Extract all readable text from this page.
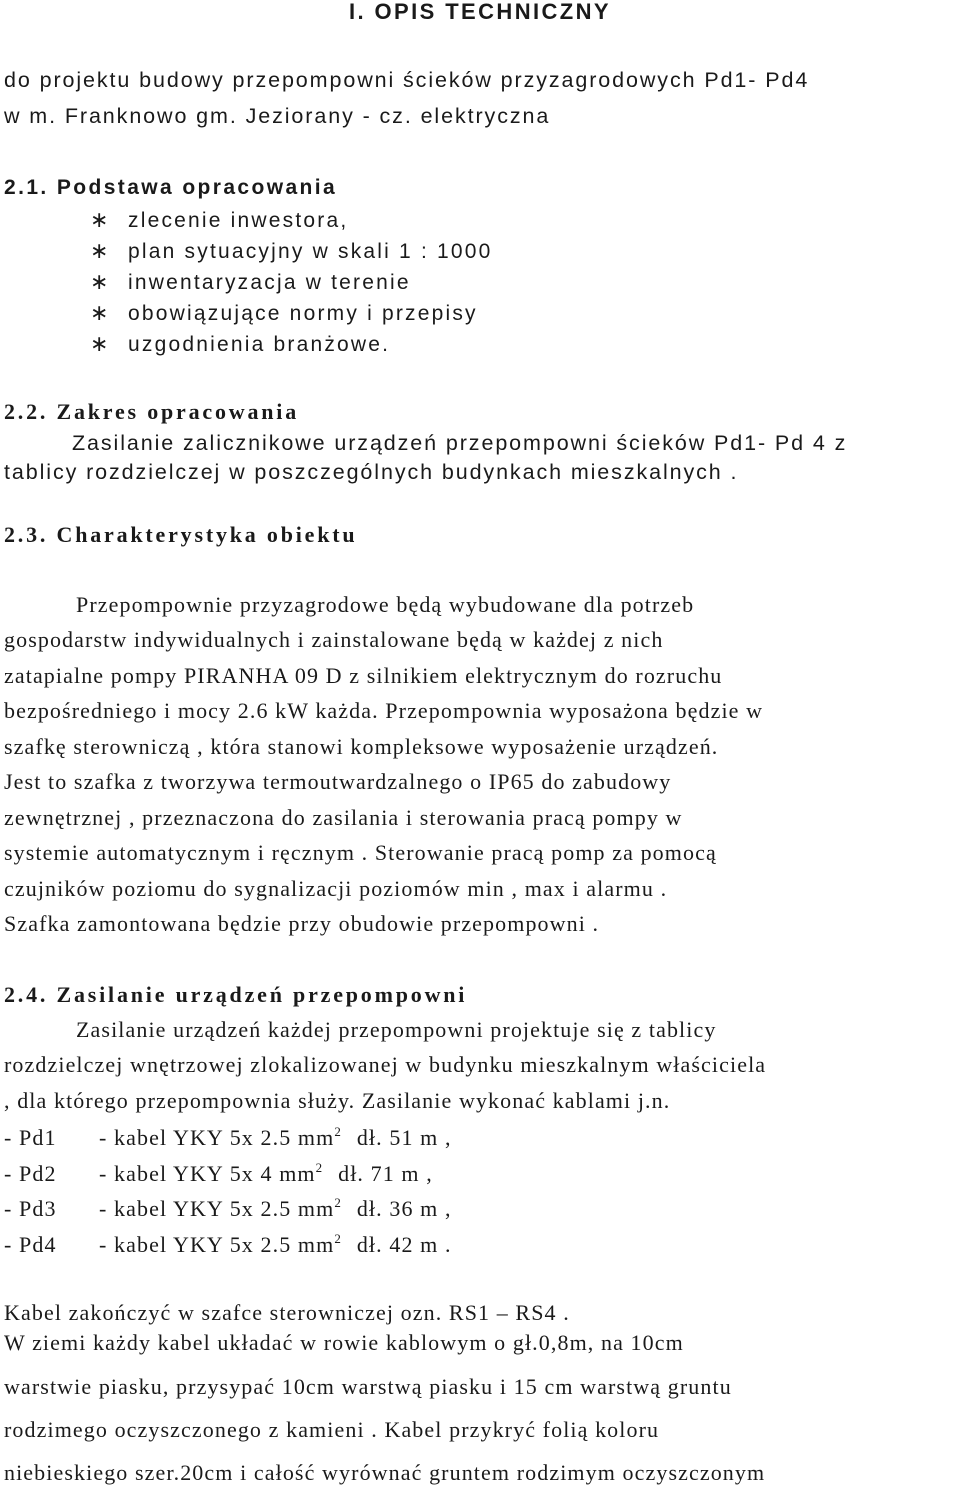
I. OPIS TECHNICZNY
do projektu budowy przepompowni ścieków przyzagrodowych Pd1- Pd4
w m. Franknowo gm. Jeziorany - cz. elektryczna
2.1. Podstawa opracowania
∗ zlecenie inwestora,
∗ plan sytuacyjny w skali 1 : 1000
∗ inwentaryzacja w terenie
∗ obowiązujące normy i przepisy
∗ uzgodnienia branżowe.
2.2. Zakres opracowania
Zasilanie zalicznikowe urządzeń przepompowni ścieków Pd1- Pd 4 z
tablicy rozdzielczej w poszczególnych budynkach mieszkalnych .
2.3. Charakterystyka obiektu
Przepompownie przyzagrodowe będą wybudowane dla potrzeb
gospodarstw indywidualnych i zainstalowane będą w każdej z nich
zatapialne pompy PIRANHA 09 D z silnikiem elektrycznym do rozruchu
bezpośredniego i mocy 2.6 kW każda. Przepompownia wyposażona będzie w
szafkę sterowniczą , która stanowi kompleksowe wyposażenie urządzeń.
Jest to szafka z tworzywa termoutwardzalnego o IP65 do zabudowy
zewnętrznej , przeznaczona do zasilania i sterowania pracą pompy w
systemie automatycznym i ręcznym . Sterowanie pracą pomp za pomocą
czujników poziomu do sygnalizacji poziomów min , max i alarmu .
Szafka zamontowana będzie przy obudowie przepompowni .
2.4. Zasilanie urządzeń przepompowni
Zasilanie urządzeń każdej przepompowni projektuje się z tablicy
rozdzielczej wnętrzowej zlokalizowanej w budynku mieszkalnym właściciela
, dla którego przepompownia służy. Zasilanie wykonać kablami j.n.
- Pd1 - kabel YKY 5x 2.5 $mm^2$ dł. 51 m ,
- Pd2 - kabel YKY 5x 4 $mm^2$ dł. 71 m ,
- Pd3 - kabel YKY 5x 2.5 $mm^2$ dł. 36 m ,
- Pd4 - kabel YKY 5x 2.5 $mm^2$ dł. 42 m .
Kabel zakończyć w szafce sterowniczej ozn. RS1 – RS4 .
W ziemi każdy kabel układać w rowie kablowym o gł.0,8m, na 10cm
warstwie piasku, przysypać 10cm warstwą piasku i 15 cm warstwą gruntu
rodzimego oczyszczonego z kamieni . Kabel przykryć folią koloru
niebieskiego szer.20cm i całość wyrównać gruntem rodzimym oczyszczonym
